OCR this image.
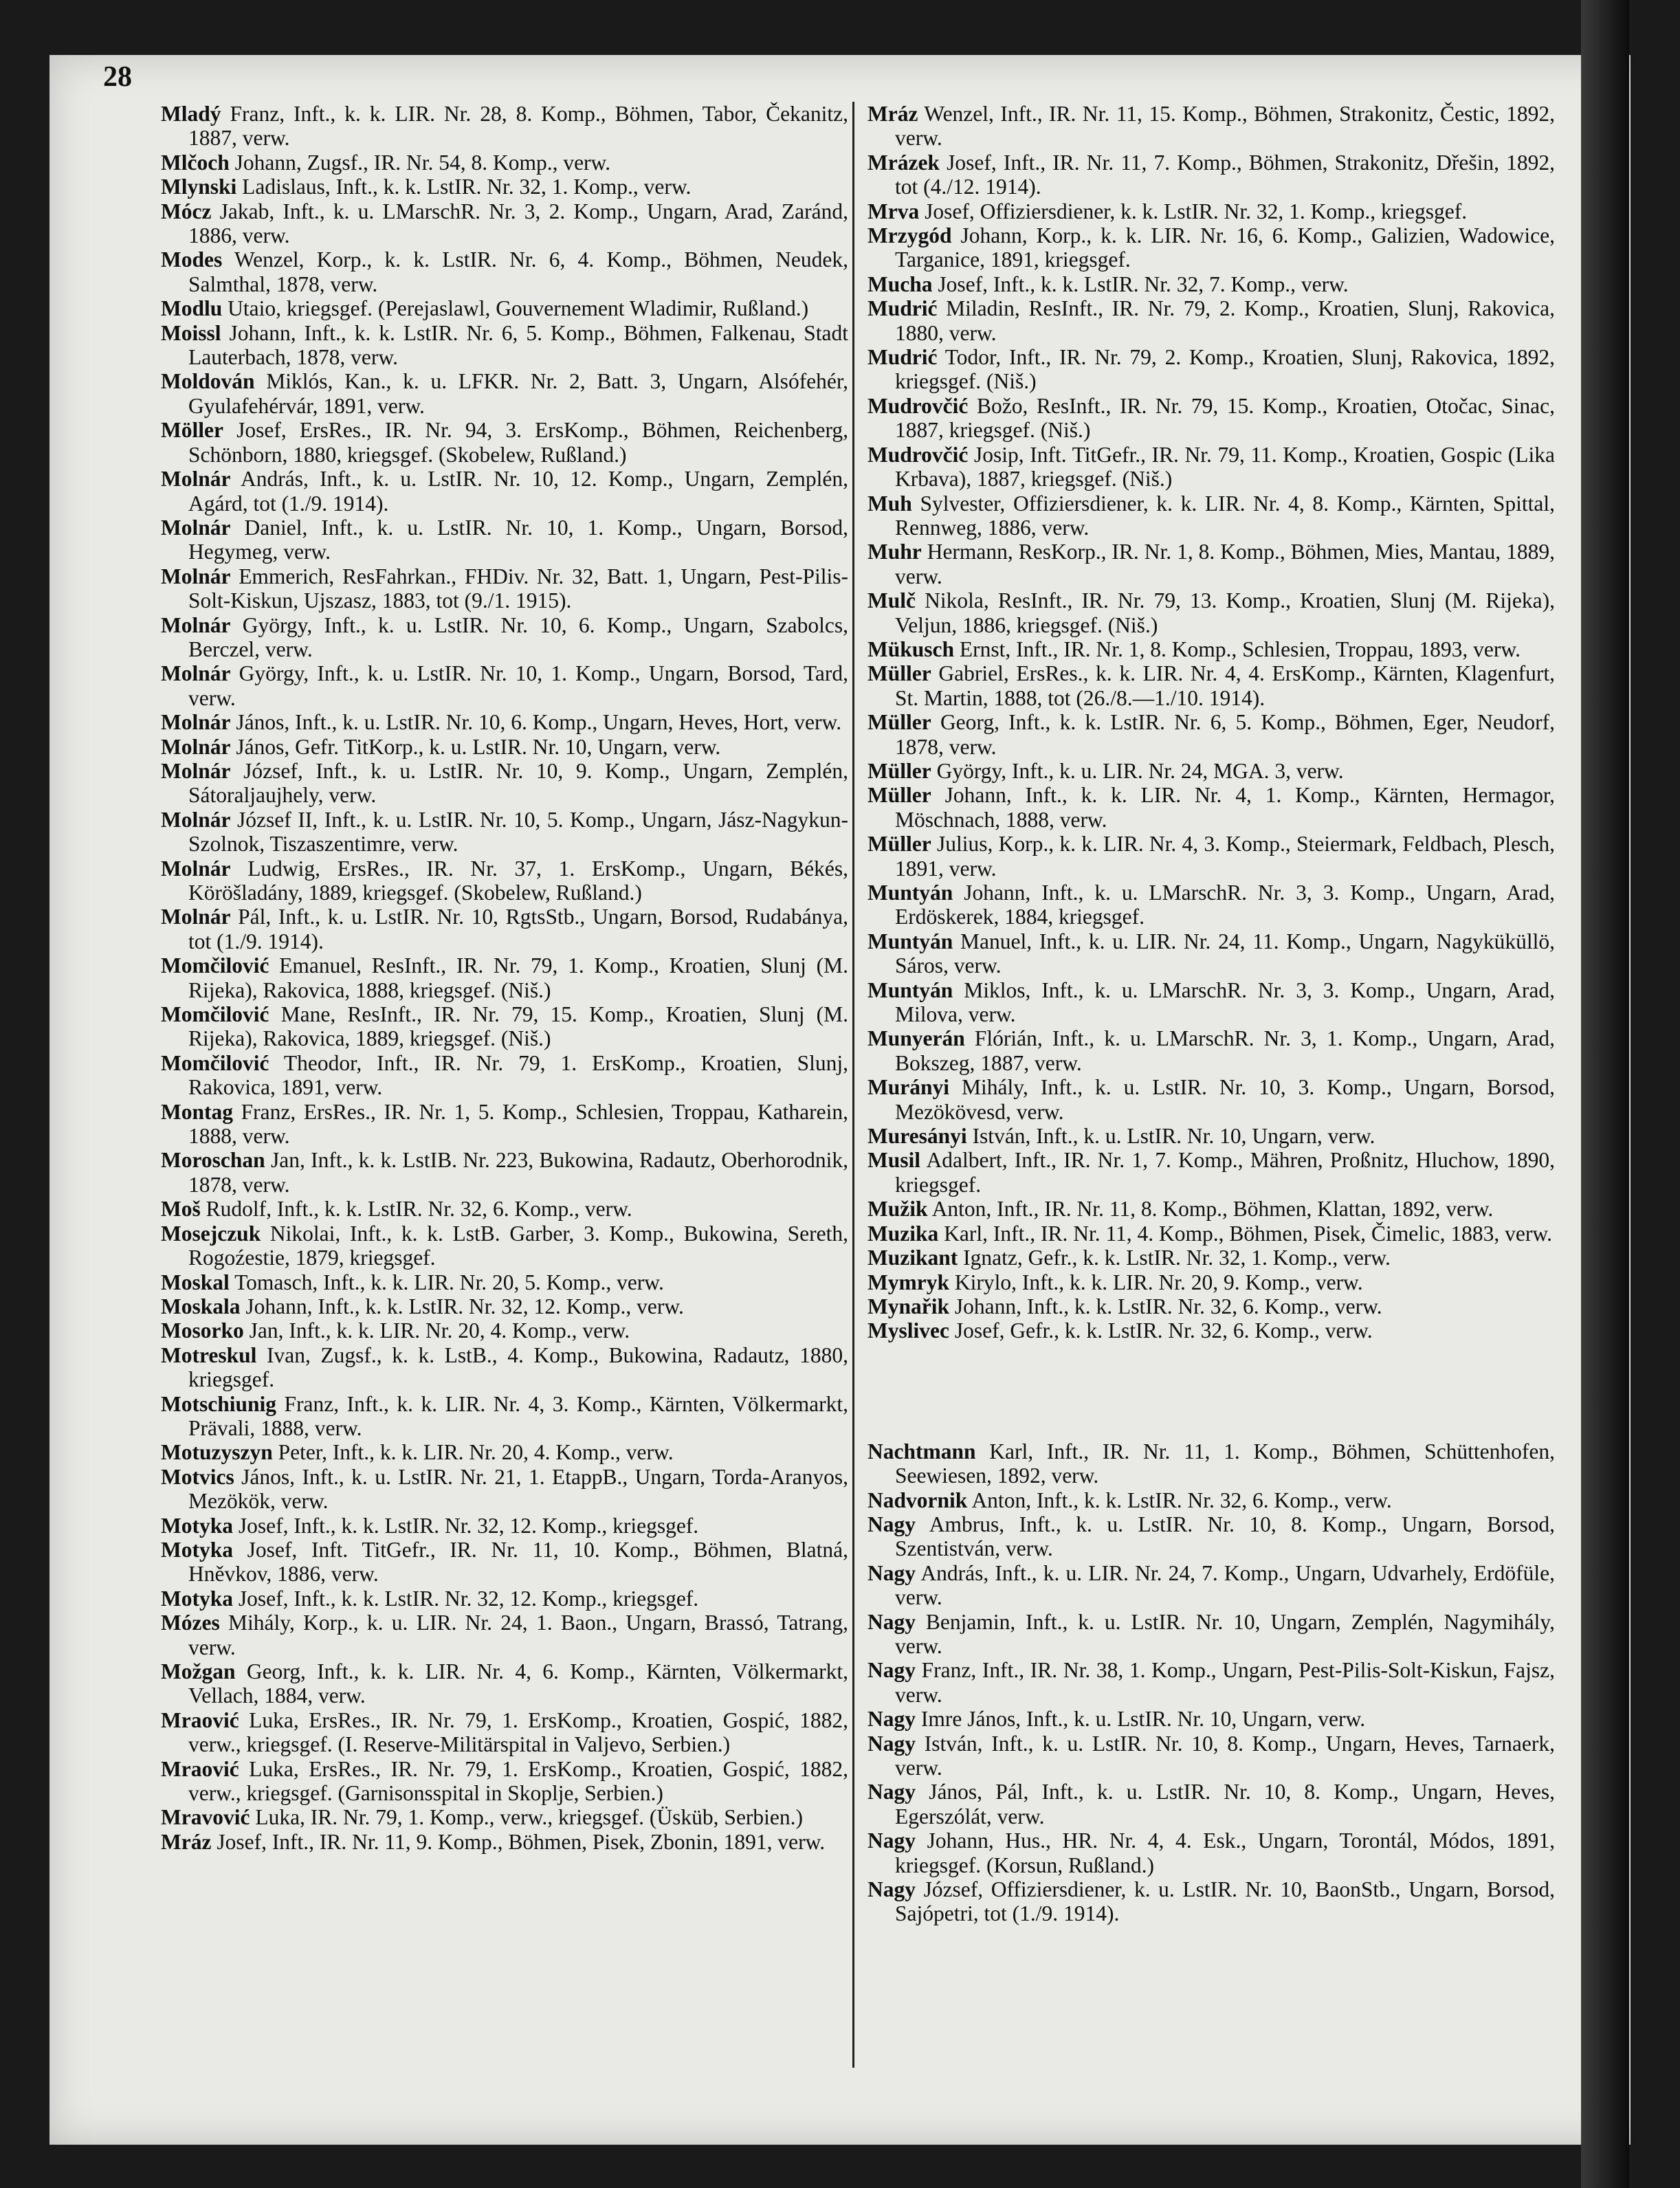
28

Mladý Franz, Inft., k. k. LIR. Nr. 28, 8. Komp., Böhmen, Tabor, Čekanitz, 1887, verw.

Mlčoch Johann, Zugsf., IR. Nr. 54, 8. Komp., verw.

Mlynski Ladislaus, Inft., k. k. LstIR. Nr. 32, 1. Komp., verw.

Mócz Jakab, Inft., k. u. LMarschR. Nr. 3, 2. Komp., Ungarn, Arad, Zaránd, 1886, verw.

Modes Wenzel, Korp., k. k. LstIR. Nr. 6, 4. Komp., Böhmen, Neudek, Salmthal, 1878, verw.

Modlu Utaio, kriegsgef. (Perejaslawl, Gouvernement Wladimir, Rußland.)

Moissl Johann, Inft., k. k. LstIR. Nr. 6, 5. Komp., Böhmen, Falkenau, Stadt Lauterbach, 1878, verw.

Moldován Miklós, Kan., k. u. LFKR. Nr. 2, Batt. 3, Ungarn, Alsófehér, Gyulafehérvár, 1891, verw.

Möller Josef, ErsRes., IR. Nr. 94, 3. ErsKomp., Böhmen, Reichenberg, Schönborn, 1880, kriegsgef. (Skobelew, Rußland.)

Molnár András, Inft., k. u. LstIR. Nr. 10, 12. Komp., Ungarn, Zemplén, Agárd, tot (1./9. 1914).

Molnár Daniel, Inft., k. u. LstIR. Nr. 10, 1. Komp., Ungarn, Borsod, Hegymeg, verw.

Molnár Emmerich, ResFahrkan., FHDiv. Nr. 32, Batt. 1, Ungarn, Pest-Pilis-Solt-Kiskun, Ujszasz, 1883, tot (9./1. 1915).

Molnár György, Inft., k. u. LstIR. Nr. 10, 6. Komp., Ungarn, Szabolcs, Berczel, verw.

Molnár György, Inft., k. u. LstIR. Nr. 10, 1. Komp., Ungarn, Borsod, Tard, verw.

Molnár János, Inft., k. u. LstIR. Nr. 10, 6. Komp., Ungarn, Heves, Hort, verw.

Molnár János, Gefr. TitKorp., k. u. LstIR. Nr. 10, Ungarn, verw.

Molnár József, Inft., k. u. LstIR. Nr. 10, 9. Komp., Ungarn, Zemplén, Sátoraljaujhely, verw.

Molnár József II, Inft., k. u. LstIR. Nr. 10, 5. Komp., Ungarn, Jász-Nagykun-Szolnok, Tiszaszentimre, verw.

Molnár Ludwig, ErsRes., IR. Nr. 37, 1. ErsKomp., Ungarn, Békés, Köröšladány, 1889, kriegsgef. (Skobelew, Rußland.)

Molnár Pál, Inft., k. u. LstIR. Nr. 10, RgtsStb., Ungarn, Borsod, Rudabánya, tot (1./9. 1914).

Momčilović Emanuel, ResInft., IR. Nr. 79, 1. Komp., Kroatien, Slunj (M. Rijeka), Rakovica, 1888, kriegsgef. (Niš.)

Momčilović Mane, ResInft., IR. Nr. 79, 15. Komp., Kroatien, Slunj (M. Rijeka), Rakovica, 1889, kriegsgef. (Niš.)

Momčilović Theodor, Inft., IR. Nr. 79, 1. ErsKomp., Kroatien, Slunj, Rakovica, 1891, verw.

Montag Franz, ErsRes., IR. Nr. 1, 5. Komp., Schlesien, Troppau, Katharein, 1888, verw.

Moroschan Jan, Inft., k. k. LstIB. Nr. 223, Bukowina, Radautz, Oberhorodnik, 1878, verw.

Moš Rudolf, Inft., k. k. LstIR. Nr. 32, 6. Komp., verw.

Mosejczuk Nikolai, Inft., k. k. LstB. Garber, 3. Komp., Bukowina, Sereth, Rogoźestie, 1879, kriegsgef.

Moskal Tomasch, Inft., k. k. LIR. Nr. 20, 5. Komp., verw.

Moskala Johann, Inft., k. k. LstIR. Nr. 32, 12. Komp., verw.

Mosorko Jan, Inft., k. k. LIR. Nr. 20, 4. Komp., verw.

Motreskul Ivan, Zugsf., k. k. LstB., 4. Komp., Bukowina, Radautz, 1880, kriegsgef.

Motschiunig Franz, Inft., k. k. LIR. Nr. 4, 3. Komp., Kärnten, Völkermarkt, Prävali, 1888, verw.

Motuzyszyn Peter, Inft., k. k. LIR. Nr. 20, 4. Komp., verw.

Motvics János, Inft., k. u. LstIR. Nr. 21, 1. EtappB., Ungarn, Torda-Aranyos, Mezökök, verw.

Motyka Josef, Inft., k. k. LstIR. Nr. 32, 12. Komp., kriegsgef.

Motyka Josef, Inft. TitGefr., IR. Nr. 11, 10. Komp., Böhmen, Blatná, Hněvkov, 1886, verw.

Motyka Josef, Inft., k. k. LstIR. Nr. 32, 12. Komp., kriegsgef.

Mózes Mihály, Korp., k. u. LIR. Nr. 24, 1. Baon., Ungarn, Brassó, Tatrang, verw.

Možgan Georg, Inft., k. k. LIR. Nr. 4, 6. Komp., Kärnten, Völkermarkt, Vellach, 1884, verw.

Mraović Luka, ErsRes., IR. Nr. 79, 1. ErsKomp., Kroatien, Gospić, 1882, verw., kriegsgef. (I. Reserve-Militärspital in Valjevo, Serbien.)

Mraović Luka, ErsRes., IR. Nr. 79, 1. ErsKomp., Kroatien, Gospić, 1882, verw., kriegsgef. (Garnisonsspital in Skoplje, Serbien.)

Mravović Luka, IR. Nr. 79, 1. Komp., verw., kriegsgef. (Üsküb, Serbien.)

Mráz Josef, Inft., IR. Nr. 11, 9. Komp., Böhmen, Pisek, Zbonin, 1891, verw.

Mráz Wenzel, Inft., IR. Nr. 11, 15. Komp., Böhmen, Strakonitz, Čestic, 1892, verw.

Mrázek Josef, Inft., IR. Nr. 11, 7. Komp., Böhmen, Strakonitz, Dřešin, 1892, tot (4./12. 1914).

Mrva Josef, Offiziersdiener, k. k. LstIR. Nr. 32, 1. Komp., kriegsgef.

Mrzygód Johann, Korp., k. k. LIR. Nr. 16, 6. Komp., Galizien, Wadowice, Targanice, 1891, kriegsgef.

Mucha Josef, Inft., k. k. LstIR. Nr. 32, 7. Komp., verw.

Mudrić Miladin, ResInft., IR. Nr. 79, 2. Komp., Kroatien, Slunj, Rakovica, 1880, verw.

Mudrić Todor, Inft., IR. Nr. 79, 2. Komp., Kroatien, Slunj, Rakovica, 1892, kriegsgef. (Niš.)

Mudrovčić Božo, ResInft., IR. Nr. 79, 15. Komp., Kroatien, Otočac, Sinac, 1887, kriegsgef. (Niš.)

Mudrovčić Josip, Inft. TitGefr., IR. Nr. 79, 11. Komp., Kroatien, Gospic (Lika Krbava), 1887, kriegsgef. (Niš.)

Muh Sylvester, Offiziersdiener, k. k. LIR. Nr. 4, 8. Komp., Kärnten, Spittal, Rennweg, 1886, verw.

Muhr Hermann, ResKorp., IR. Nr. 1, 8. Komp., Böhmen, Mies, Mantau, 1889, verw.

Mulč Nikola, ResInft., IR. Nr. 79, 13. Komp., Kroatien, Slunj (M. Rijeka), Veljun, 1886, kriegsgef. (Niš.)

Mükusch Ernst, Inft., IR. Nr. 1, 8. Komp., Schlesien, Troppau, 1893, verw.

Müller Gabriel, ErsRes., k. k. LIR. Nr. 4, 4. ErsKomp., Kärnten, Klagenfurt, St. Martin, 1888, tot (26./8.—1./10. 1914).

Müller Georg, Inft., k. k. LstIR. Nr. 6, 5. Komp., Böhmen, Eger, Neudorf, 1878, verw.

Müller György, Inft., k. u. LIR. Nr. 24, MGA. 3, verw.

Müller Johann, Inft., k. k. LIR. Nr. 4, 1. Komp., Kärnten, Hermagor, Möschnach, 1888, verw.

Müller Julius, Korp., k. k. LIR. Nr. 4, 3. Komp., Steiermark, Feldbach, Plesch, 1891, verw.

Muntyán Johann, Inft., k. u. LMarschR. Nr. 3, 3. Komp., Ungarn, Arad, Erdöskerek, 1884, kriegsgef.

Muntyán Manuel, Inft., k. u. LIR. Nr. 24, 11. Komp., Ungarn, Nagyküküllö, Sáros, verw.

Muntyán Miklos, Inft., k. u. LMarschR. Nr. 3, 3. Komp., Ungarn, Arad, Milova, verw.

Munyerán Flórián, Inft., k. u. LMarschR. Nr. 3, 1. Komp., Ungarn, Arad, Bokszeg, 1887, verw.

Murányi Mihály, Inft., k. u. LstIR. Nr. 10, 3. Komp., Ungarn, Borsod, Mezökövesd, verw.

Muresányi István, Inft., k. u. LstIR. Nr. 10, Ungarn, verw.

Musil Adalbert, Inft., IR. Nr. 1, 7. Komp., Mähren, Proßnitz, Hluchow, 1890, kriegsgef.

Mužik Anton, Inft., IR. Nr. 11, 8. Komp., Böhmen, Klattan, 1892, verw.

Muzika Karl, Inft., IR. Nr. 11, 4. Komp., Böhmen, Pisek, Čimelic, 1883, verw.

Muzikant Ignatz, Gefr., k. k. LstIR. Nr. 32, 1. Komp., verw.

Mymryk Kirylo, Inft., k. k. LIR. Nr. 20, 9. Komp., verw.

Mynařik Johann, Inft., k. k. LstIR. Nr. 32, 6. Komp., verw.

Myslivec Josef, Gefr., k. k. LstIR. Nr. 32, 6. Komp., verw.

Nachtmann Karl, Inft., IR. Nr. 11, 1. Komp., Böhmen, Schüttenhofen, Seewiesen, 1892, verw.

Nadvornik Anton, Inft., k. k. LstIR. Nr. 32, 6. Komp., verw.

Nagy Ambrus, Inft., k. u. LstIR. Nr. 10, 8. Komp., Ungarn, Borsod, Szentistván, verw.

Nagy András, Inft., k. u. LIR. Nr. 24, 7. Komp., Ungarn, Udvarhely, Erdöfüle, verw.

Nagy Benjamin, Inft., k. u. LstIR. Nr. 10, Ungarn, Zemplén, Nagymihály, verw.

Nagy Franz, Inft., IR. Nr. 38, 1. Komp., Ungarn, Pest-Pilis-Solt-Kiskun, Fajsz, verw.

Nagy Imre János, Inft., k. u. LstIR. Nr. 10, Ungarn, verw.

Nagy István, Inft., k. u. LstIR. Nr. 10, 8. Komp., Ungarn, Heves, Tarnaerk, verw.

Nagy János, Pál, Inft., k. u. LstIR. Nr. 10, 8. Komp., Ungarn, Heves, Egerszólát, verw.

Nagy Johann, Hus., HR. Nr. 4, 4. Esk., Ungarn, Torontál, Módos, 1891, kriegsgef. (Korsun, Rußland.)

Nagy József, Offiziersdiener, k. u. LstIR. Nr. 10, BaonStb., Ungarn, Borsod, Sajópetri, tot (1./9. 1914).
